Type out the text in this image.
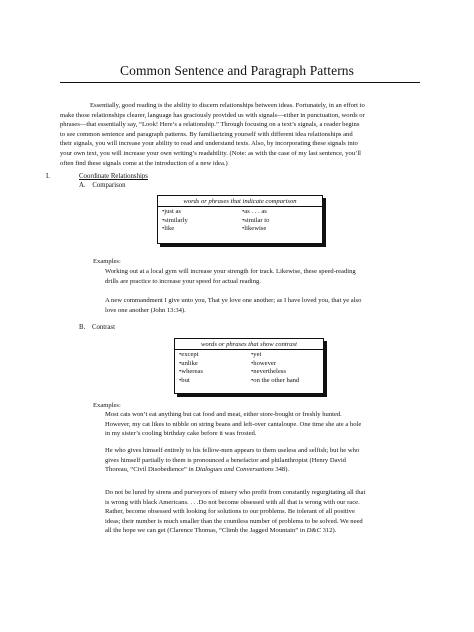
Common Sentence and Paragraph Patterns
Essentially, good reading is the ability to discern relationships between ideas. Fortunately, in an effort to
make those relationships clearer, language has graciously provided us with signals—either in punctuation, words or
phrases—that essentially say, “Look! Here’s a relationship.” Through focusing on a text’s signals, a reader begins
to see common sentence and paragraph patterns. By familiarizing yourself with different idea relationships and
their signals, you will increase your ability to read and understand texts. Also, by incorporating these signals into
your own text, you will increase your own writing’s readability. (Note: as with the case of my last sentence, you’ll
often find these signals come at the introduction of a new idea.)
I.	Coordinate Relationships
A. Comparison
words or phrases that indicate comparison
•just as	•as . . . as
•similarly	•similar to
•like	•likewise
Examples:
Working out at a local gym will increase your strength for track. Likewise, these speed-reading
drills are practice to increase your speed for actual reading.
A new commandment I give unto you, That ye love one another; as I have loved you, that ye also
love one another (John 13:34).
B. Contrast
words or phrases that show contrast
•except	•yet
•unlike	•however
•whereas	•nevertheless
•but	•on the other hand
Examples:
Most cats won’t eat anything but cat food and meat, either store-bought or freshly hunted.
However, my cat likes to nibble on string beans and left-over cantaloupe. One time she ate a hole
in my sister’s cooling birthday cake before it was frosted.
He who gives himself entirely to his fellow-men appears to them useless and selfish; but he who
gives himself partially to them is pronounced a benefactor and philanthropist (Henry David
Thoreau, “Civil Disobedience” in Dialogues and Conversations 348).
Do not be lured by sirens and purveyors of misery who profit from constantly regurgitating all that
is wrong with black Americans. . . .Do not become obsessed with all that is wrong with our race.
Rather, become obsessed with looking for solutions to our problems. Be tolerant of all positive
ideas; their number is much smaller than the countless number of problems to be solved. We need
all the hope we can get (Clarence Thomas, “Climb the Jagged Mountain” in D&C 312).
